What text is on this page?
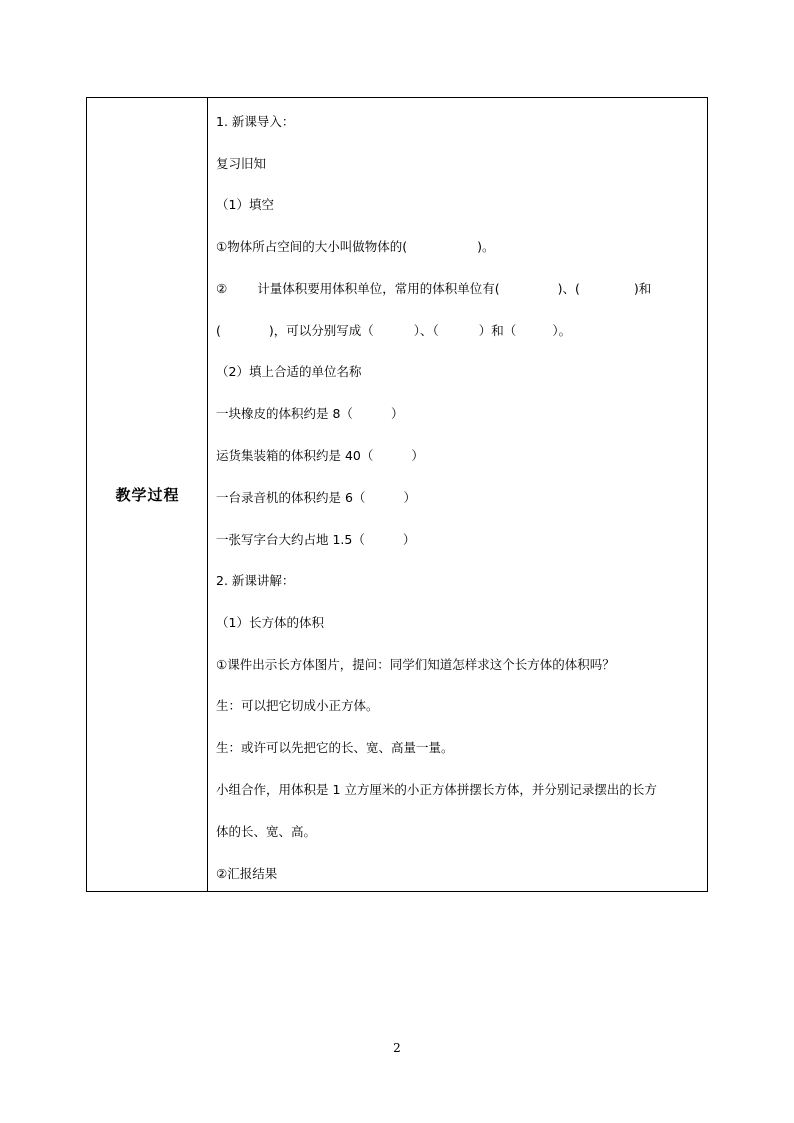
教学过程
1. 新课导入：
复习旧知
（1）填空
①物体所占空间的大小叫做物体的(	)。
② 计量体积要用体积单位，常用的体积单位有(	)、(	)和
(	)，可以分别写成（	）、（	）和（	）。
（2）填上合适的单位名称
一块橡皮的体积约是 8（	）
运货集装箱的体积约是 40（	）
一台录音机的体积约是 6（	）
一张写字台大约占地 1.5（	）
2. 新课讲解：
（1）长方体的体积
①课件出示长方体图片，提问：同学们知道怎样求这个长方体的体积吗？
生：可以把它切成小正方体。
生：或许可以先把它的长、宽、高量一量。
小组合作，用体积是 1 立方厘米的小正方体拼摆长方体，并分别记录摆出的长方
体的长、宽、高。
②汇报结果
2
